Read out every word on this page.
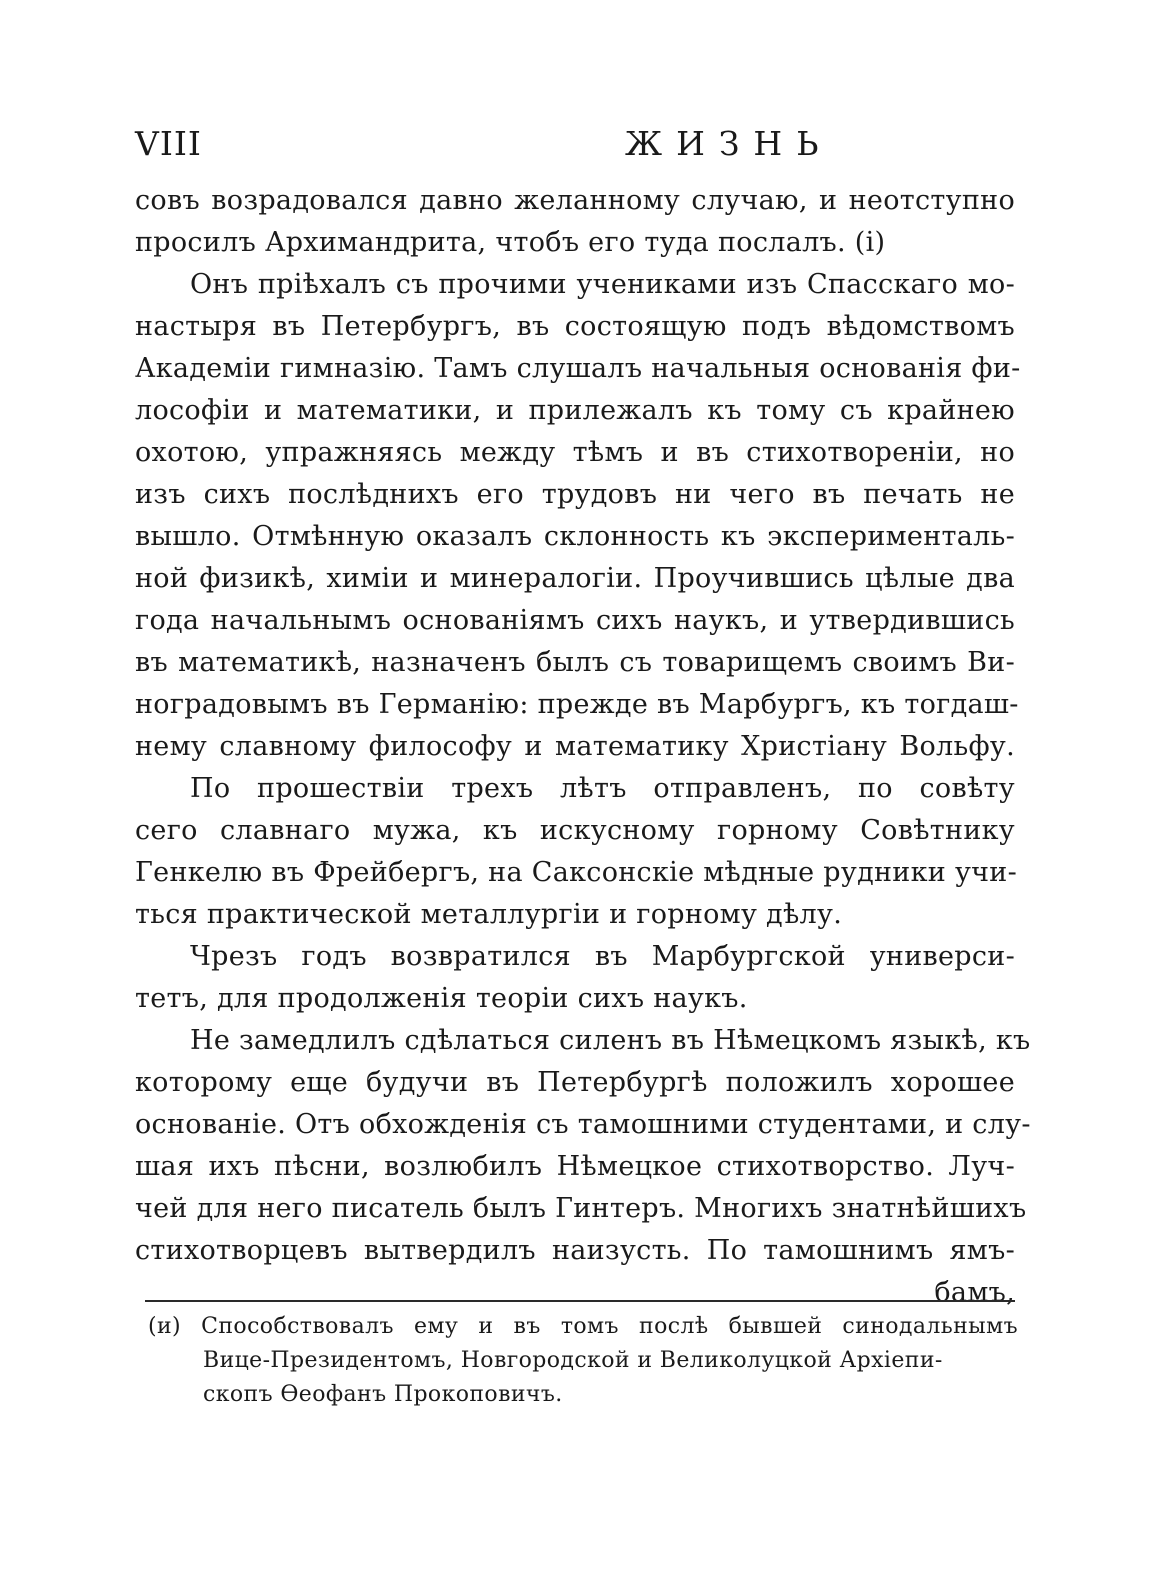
VIII	ЖИЗНЬ
совъ возрадовался давно желанному случаю, и неотступно
просилъ Архимандрита, чтобъ его туда послалъ. (i)
Онъ прiѣхалъ съ прочими учениками изъ Спасскаго мо-
настыря въ Петербургъ, въ состоящую подъ вѣдомствомъ
Академiи гимназiю. Тамъ слушалъ начальныя основанiя фи-
лософiи и математики, и прилежалъ къ тому съ крайнею
охотою, упражняясь между тѣмъ и въ стихотворенiи, но
изъ сихъ послѣднихъ его трудовъ ни чего въ печать не
вышло. Отмѣнную оказалъ склонность къ эксперименталь-
ной физикѣ, химiи и минералогiи. Проучившись цѣлые два
года начальнымъ основанiямъ сихъ наукъ, и утвердившись
въ математикѣ, назначенъ былъ съ товарищемъ своимъ Ви-
ноградовымъ въ Германiю: прежде въ Марбургъ, къ тогдаш-
нему славному философу и математику Христiану Вольфу.
По прошествiи трехъ лѣтъ отправленъ, по совѣту
сего славнаго мужа, къ искусному горному Совѣтнику
Генкелю въ Фрейбергъ, на Саксонскiе мѣдные рудники учи-
ться практической металлургiи и горному дѣлу.
Чрезъ годъ возвратился въ Марбургской универси-
тетъ, для продолженiя теорiи сихъ наукъ.
Не замедлилъ сдѣлаться силенъ въ Нѣмецкомъ языкѣ, къ
которому еще будучи въ Петербургѣ положилъ хорошее
основанiе. Отъ обхожденiя съ тамошними студентами, и слу-
шая ихъ пѣсни, возлюбилъ Нѣмецкое стихотворство. Луч-
чей для него писатель былъ Гинтеръ. Многихъ знатнѣйшихъ
стихотворцевъ вытвердилъ наизусть. По тамошнимъ ямъ-
бамъ,
(и) Способствовалъ ему и въ томъ послѣ бывшей синодальнымъ
Вице-Президентомъ, Новгородской и Великолуцкой Архiепи-
скопъ Ѳеофанъ Прокоповичъ.
